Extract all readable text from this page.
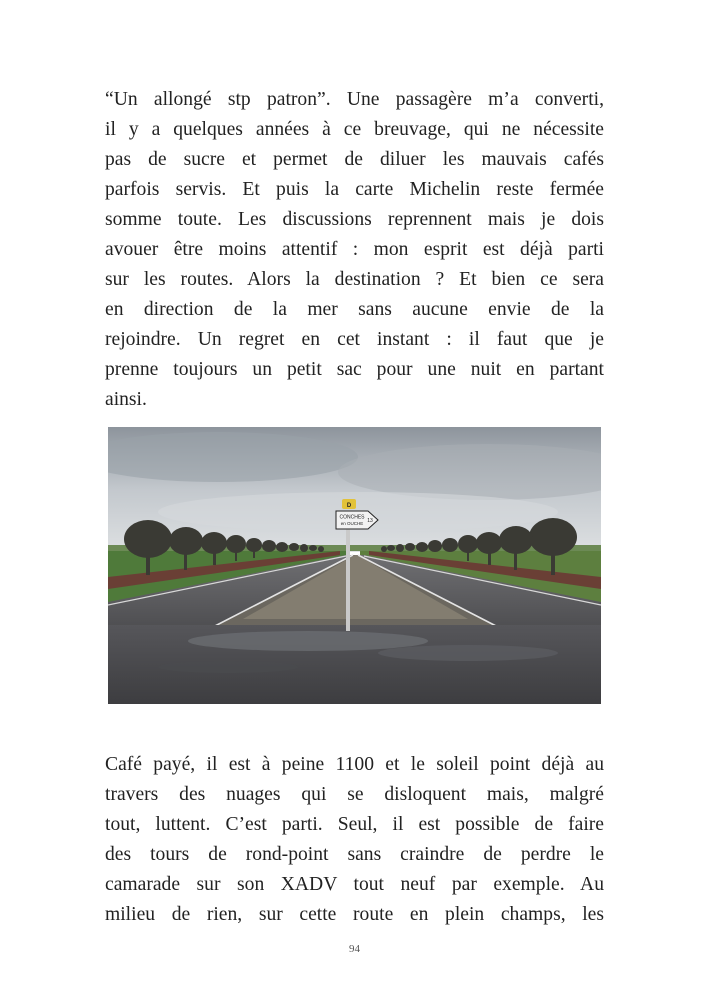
“Un allongé stp patron”. Une passagère m’a converti,
il y a quelques années à ce breuvage, qui ne nécessite
pas de sucre et permet de diluer les mauvais cafés
parfois servis. Et puis la carte Michelin reste fermée
somme toute. Les discussions reprennent mais je dois
avouer être moins attentif : mon esprit est déjà parti
sur les routes. Alors la destination ? Et bien ce sera
en direction de la mer sans aucune envie de la
rejoindre. Un regret en cet instant : il faut que je
prenne toujours un petit sac pour une nuit en partant
ainsi.
D
CONCHES
en OUCHE 13
Café payé, il est à peine 1100 et le soleil point déjà au
travers des nuages qui se disloquent mais, malgré
tout, luttent. C’est parti. Seul, il est possible de faire
des tours de rond-point sans craindre de perdre le
camarade sur son XADV tout neuf par exemple. Au
milieu de rien, sur cette route en plein champs, les
94
